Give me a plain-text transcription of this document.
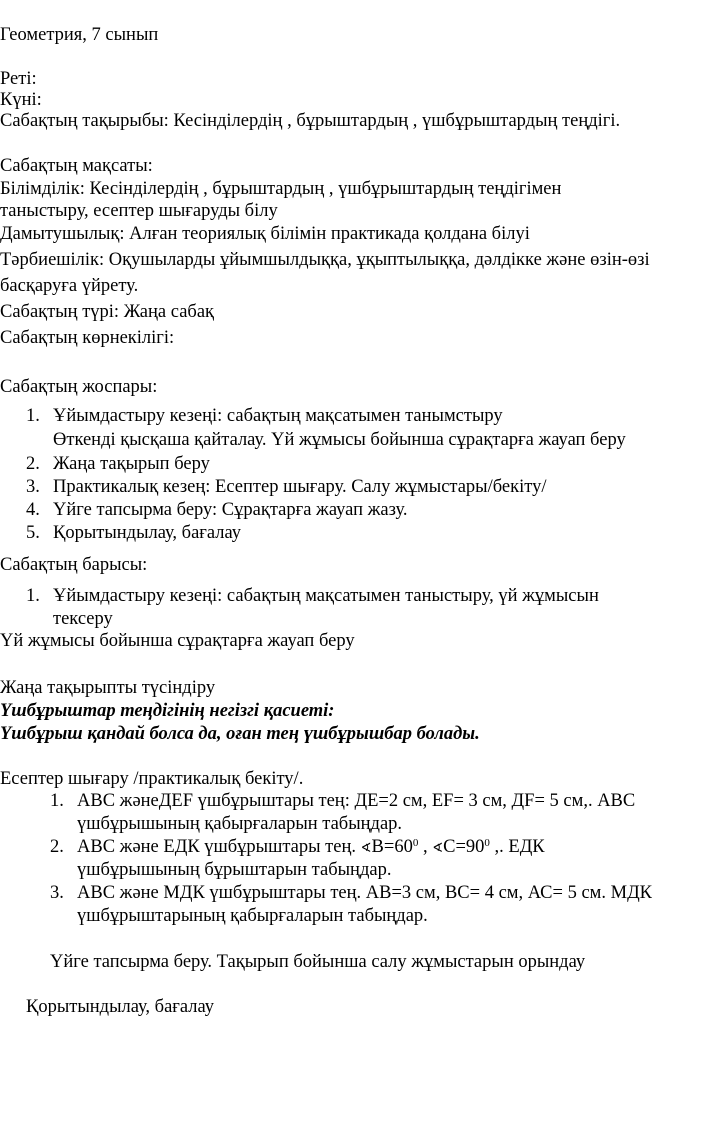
Геометрия, 7 сынып
Реті:
Күні:
Сабақтың тақырыбы: Кесінділердің , бұрыштардың , үшбұрыштардың теңдігі.
Сабақтың мақсаты:
Білімділік: Кесінділердің , бұрыштардың , үшбұрыштардың теңдігімен
таныстыру, есептер шығаруды білу
Дамытушылық: Алған теориялық білімін практикада қолдана білуі
Тәрбиешілік: Оқушыларды ұйымшылдыққа, ұқыптылыққа, дәлдікке және өзін-өзі
басқаруға үйрету.
Сабақтың түрі: Жаңа сабақ
Сабақтың көрнекілігі:
Сабақтың жоспары:
1. Ұйымдастыру кезеңі: сабақтың мақсатымен танымстыру
Өткенді қысқаша қайталау. Үй жұмысы бойынша сұрақтарға жауап беру
2. Жаңа тақырып беру
3. Практикалық кезең: Есептер шығару. Салу жұмыстары/бекіту/
4. Үйге тапсырма беру: Сұрақтарға жауап жазу.
5. Қорытындылау, бағалау
Сабақтың барысы:
1. Ұйымдастыру кезеңі: сабақтың мақсатымен таныстыру, үй жұмысын
тексеру
Үй жұмысы бойынша сұрақтарға жауап беру
Жаңа тақырыпты түсіндіру
Үшбұрыштар теңдігінің негізгі қасиеті:
Үшбұрыш қандай болса да, оған тең үшбұрышбар болады.
Есептер шығару /практикалық бекіту/.
1. АВС жәнеДЕF үшбұрыштары тең: ДЕ=2 см, ЕF= 3 см, ДF= 5 см,. АВС
үшбұрышының қабырғаларын табыңдар.
2. АВС және ЕДК үшбұрыштары тең. $∢В=60^0$ , $∢С=90^0$ ,. ЕДК
үшбұрышының бұрыштарын табыңдар.
3. АВС және МДК үшбұрыштары тең. АВ=3 см, ВС= 4 см, АС= 5 см. МДК
үшбұрыштарының қабырғаларын табыңдар.
Үйге тапсырма беру. Тақырып бойынша салу жұмыстарын орындау
Қорытындылау, бағалау
